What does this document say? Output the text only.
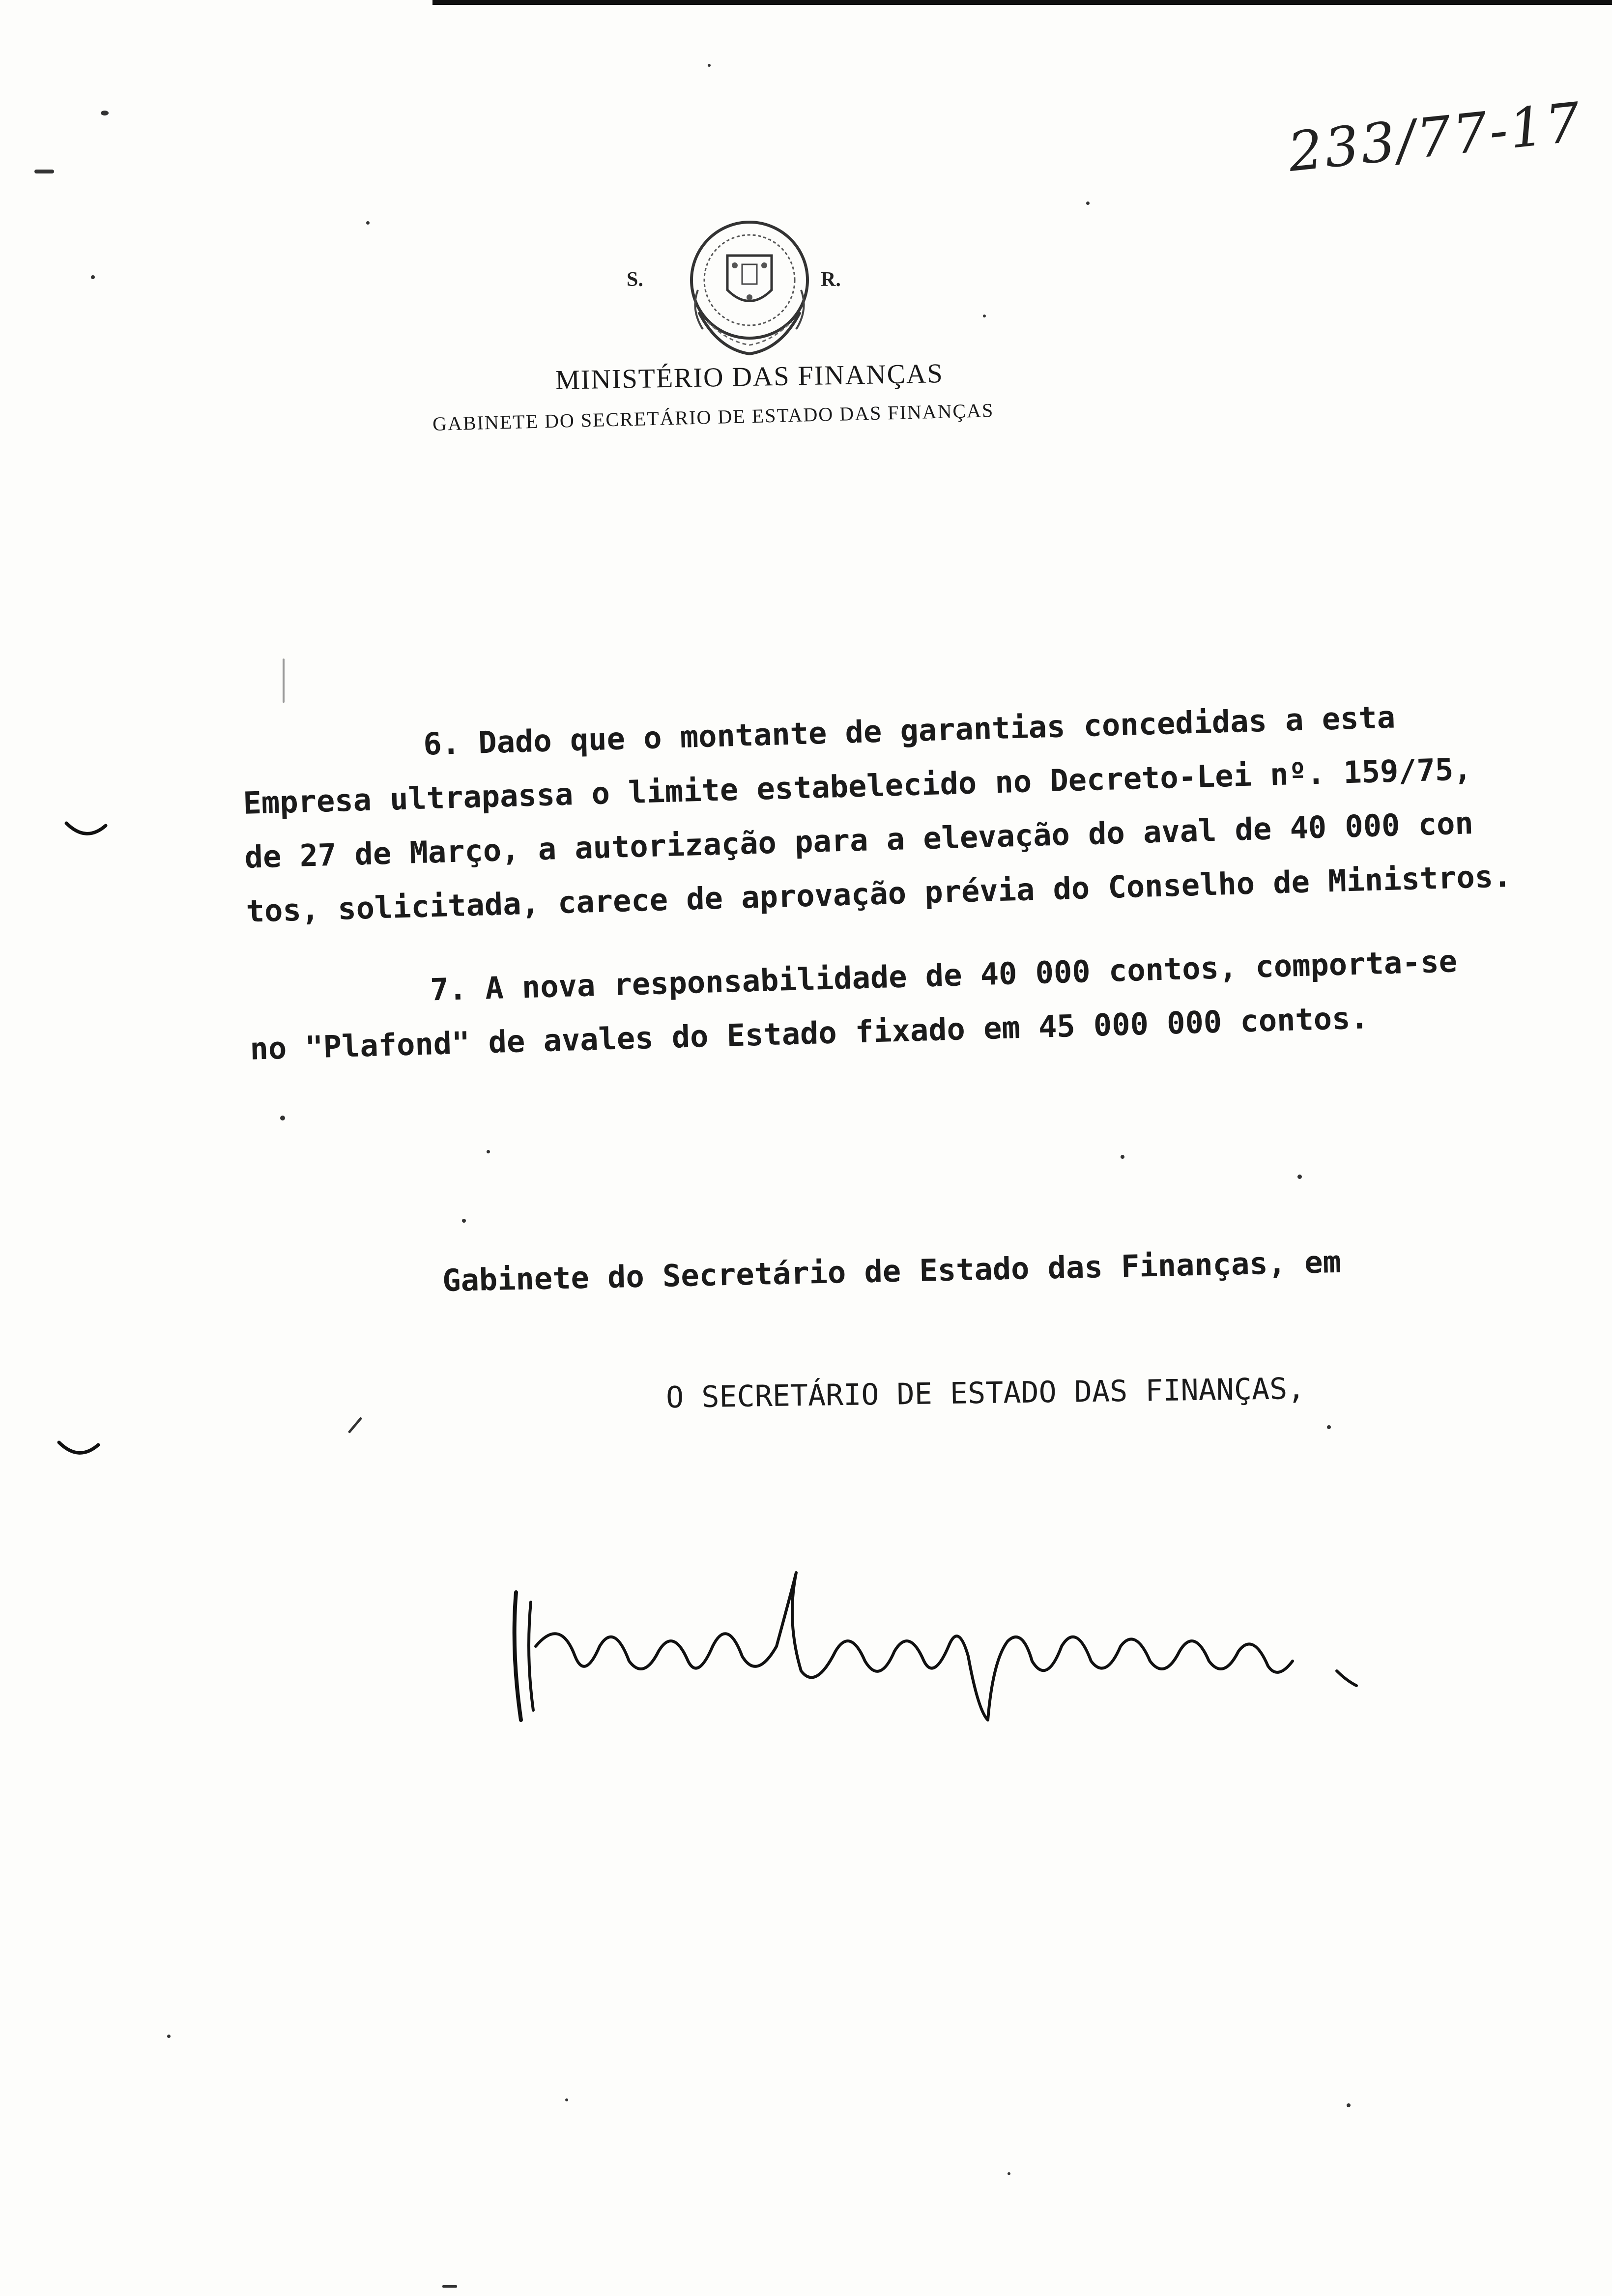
233/77-17
S.	R.
MINISTÉRIO DAS FINANÇAS
GABINETE DO SECRETÁRIO DE ESTADO DAS FINANÇAS
6. Dado que o montante de garantias concedidas a esta
Empresa ultrapassa o limite estabelecido no Decreto-Lei nº. 159/75,
de 27 de Março, a autorização para a elevação do aval de 40 000 con
tos, solicitada, carece de aprovação prévia do Conselho de Ministros.
7. A nova responsabilidade de 40 000 contos, comporta-se
no "Plafond" de avales do Estado fixado em 45 000 000 contos.
Gabinete do Secretário de Estado das Finanças, em
O SECRETÁRIO DE ESTADO DAS FINANÇAS,
